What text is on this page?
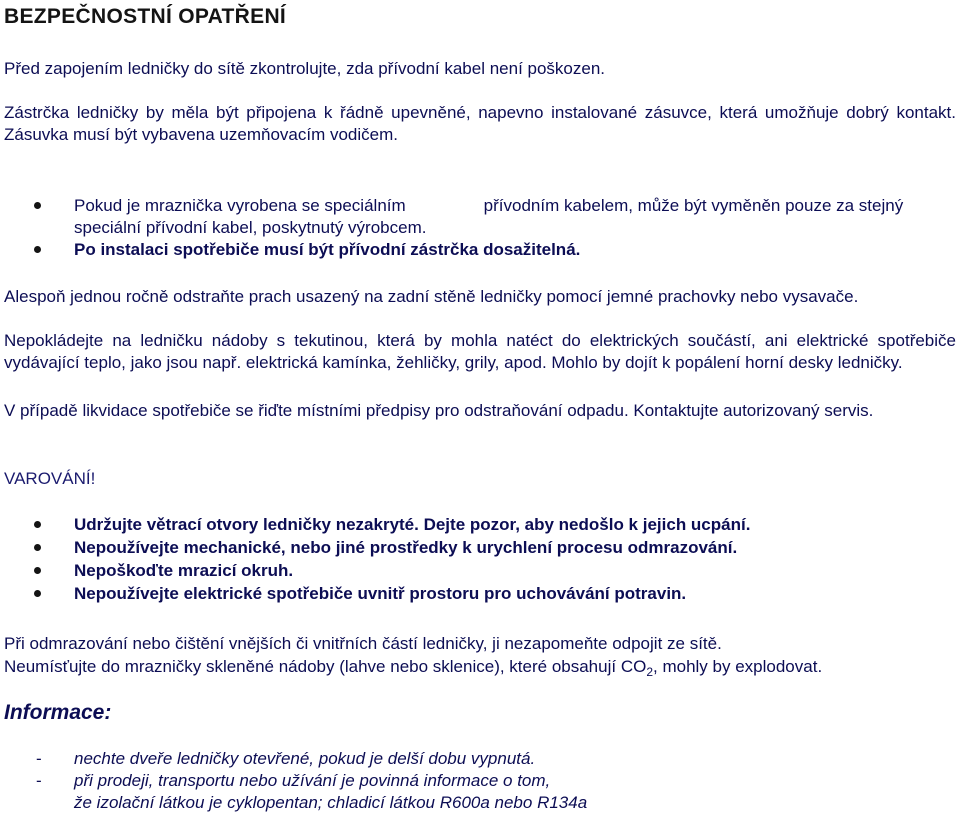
BEZPEČNOSTNÍ OPATŘENÍ
Před zapojením ledničky do sítě zkontrolujte, zda přívodní kabel není poškozen.
Zástrčka ledničky by měla být připojena k řádně upevněné, napevno instalované zásuvce, která umožňuje dobrý kontakt. Zásuvka musí být vybavena uzemňovacím vodičem.
Pokud je mraznička vyrobena se speciálním	přívodním kabelem, může být vyměněn pouze za stejný speciální přívodní kabel, poskytnutý výrobcem.
Po instalaci spotřebiče musí být přívodní zástrčka dosažitelná.
Alespoň jednou ročně odstraňte prach usazený na zadní stěně ledničky pomocí jemné prachovky nebo vysavače.
Nepokládejte na ledničku nádoby s tekutinou, která by mohla natéct do elektrických součástí, ani elektrické spotřebiče vydávající teplo, jako jsou např. elektrická kamínka, žehličky, grily, apod. Mohlo by dojít k popálení horní desky ledničky.
V případě likvidace spotřebiče se řiďte místními předpisy pro odstraňování odpadu. Kontaktujte autorizovaný servis.
VAROVÁNÍ!
Udržujte větrací otvory ledničky nezakryté. Dejte pozor, aby nedošlo k jejich ucpání.
Nepoužívejte mechanické, nebo jiné prostředky k urychlení procesu odmrazování.
Nepoškoďte mrazicí okruh.
Nepoužívejte elektrické spotřebiče uvnitř prostoru pro uchovávání potravin.
Při odmrazování nebo čištění vnějších či vnitřních částí ledničky, ji nezapomeňte odpojit ze sítě.
Neumísťujte do mrazničky skleněné nádoby (lahve nebo sklenice), které obsahují $CO_2$, mohly by explodovat.
Informace:
- nechte dveře ledničky otevřené, pokud je delší dobu vypnutá.
- při prodeji, transportu nebo užívání je povinná informace o tom,
že izolační látkou je cyklopentan; chladicí látkou R600a nebo R134a
